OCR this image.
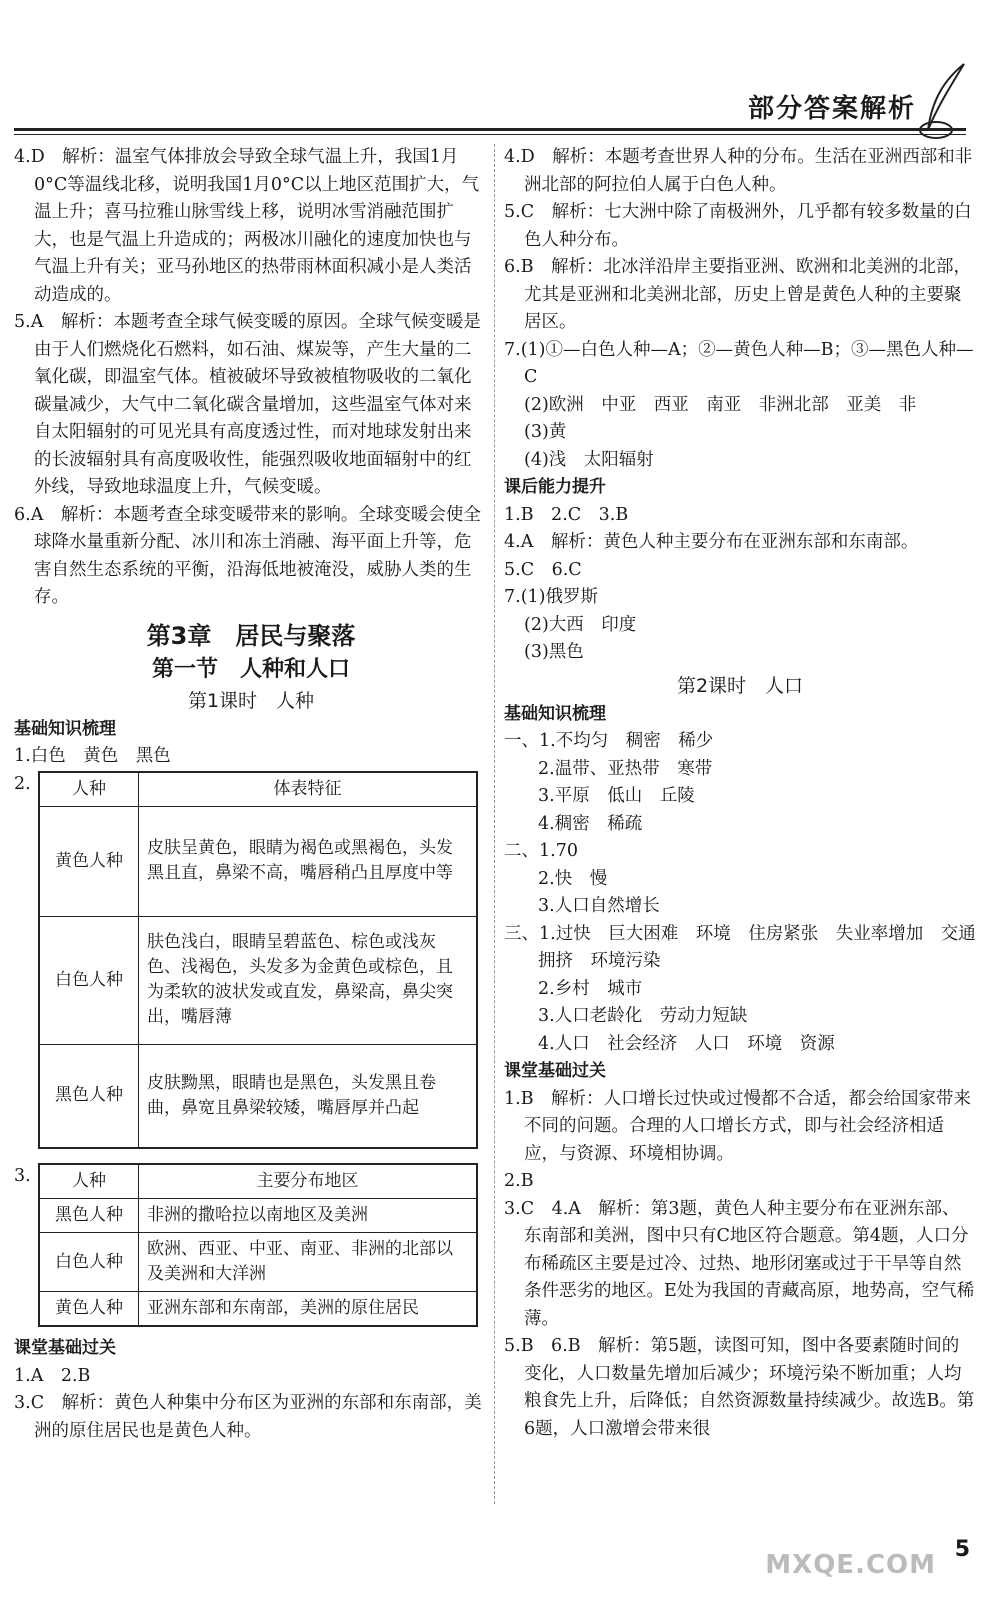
部分答案解析

4.D　解析：温室气体排放会导致全球气温上升，我国1月0°C等温线北移，说明我国1月0°C以上地区范围扩大，气温上升；喜马拉雅山脉雪线上移，说明冰雪消融范围扩大，也是气温上升造成的；两极冰川融化的速度加快也与气温上升有关；亚马孙地区的热带雨林面积减小是人类活动造成的。

5.A　解析：本题考查全球气候变暖的原因。全球气候变暖是由于人们燃烧化石燃料，如石油、煤炭等，产生大量的二氧化碳，即温室气体。植被破坏导致被植物吸收的二氧化碳量减少，大气中二氧化碳含量增加，这些温室气体对来自太阳辐射的可见光具有高度透过性，而对地球发射出来的长波辐射具有高度吸收性，能强烈吸收地面辐射中的红外线，导致地球温度上升，气候变暖。

6.A　解析：本题考查全球变暖带来的影响。全球变暖会使全球降水量重新分配、冰川和冻土消融、海平面上升等，危害自然生态系统的平衡，沿海低地被淹没，威胁人类的生存。

第3章　居民与聚落
第一节　人种和人口
第1课时　人种

基础知识梳理

1.白色　黄色　黑色

2.	人种	体表特征
黄色人种	皮肤呈黄色，眼睛为褐色或黑褐色，头发黑且直，鼻梁不高，嘴唇稍凸且厚度中等
白色人种	肤色浅白，眼睛呈碧蓝色、棕色或浅灰色、浅褐色，头发多为金黄色或棕色，且为柔软的波状发或直发，鼻梁高，鼻尖突出，嘴唇薄
黑色人种	皮肤黝黑，眼睛也是黑色，头发黑且卷曲，鼻宽且鼻梁较矮，嘴唇厚并凸起
3.	人种	主要分布地区
黑色人种	非洲的撒哈拉以南地区及美洲
白色人种	欧洲、西亚、中亚、南亚、非洲的北部以及美洲和大洋洲
黄色人种	亚洲东部和东南部，美洲的原住居民

课堂基础过关

1.A　2.B

3.C　解析：黄色人种集中分布区为亚洲的东部和东南部，美洲的原住居民也是黄色人种。

4.D　解析：本题考查世界人种的分布。生活在亚洲西部和非洲北部的阿拉伯人属于白色人种。

5.C　解析：七大洲中除了南极洲外，几乎都有较多数量的白色人种分布。

6.B　解析：北冰洋沿岸主要指亚洲、欧洲和北美洲的北部，尤其是亚洲和北美洲北部，历史上曾是黄色人种的主要聚居区。

7.(1)①—白色人种—A；②—黄色人种—B；③—黑色人种—C

(2)欧洲　中亚　西亚　南亚　非洲北部　亚美　非

(3)黄

(4)浅　太阳辐射

课后能力提升

1.B　2.C　3.B

4.A　解析：黄色人种主要分布在亚洲东部和东南部。

5.C　6.C

7.(1)俄罗斯

(2)大西　印度

(3)黑色

第2课时　人口

基础知识梳理

一、1.不均匀　稠密　稀少

2.温带、亚热带　寒带

3.平原　低山　丘陵

4.稠密　稀疏

二、1.70

2.快　慢

3.人口自然增长

三、1.过快　巨大困难　环境　住房紧张　失业率增加　交通拥挤　环境污染

2.乡村　城市

3.人口老龄化　劳动力短缺

4.人口　社会经济　人口　环境　资源

课堂基础过关

1.B　解析：人口增长过快或过慢都不合适，都会给国家带来不同的问题。合理的人口增长方式，即与社会经济相适应，与资源、环境相协调。

2.B

3.C　4.A　解析：第3题，黄色人种主要分布在亚洲东部、东南部和美洲，图中只有C地区符合题意。第4题，人口分布稀疏区主要是过冷、过热、地形闭塞或过于干旱等自然条件恶劣的地区。E处为我国的青藏高原，地势高，空气稀薄。

5.B　6.B　解析：第5题，读图可知，图中各要素随时间的变化，人口数量先增加后减少；环境污染不断加重；人均粮食先上升，后降低；自然资源数量持续减少。故选B。第6题，人口激增会带来很

MXQE.COM
5
